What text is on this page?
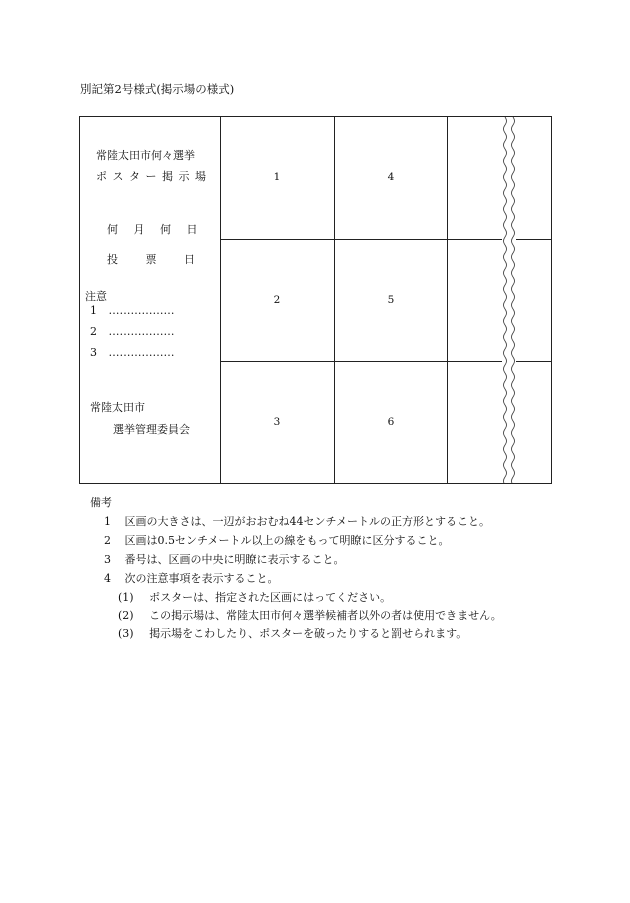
別記第2号様式(掲示場の様式)
1
2
3
4
5
6
常陸太田市何々選挙
ポ ス タ ー 掲 示 場
何 月 何 日
投 票 日
注意
1 ………………
2 ………………
3 ………………
常陸太田市
選挙管理委員会
備考
1 区画の大きさは、一辺がおおむね44センチメートルの正方形とすること。
2 区画は0.5センチメートル以上の線をもって明瞭に区分すること。
3 番号は、区画の中央に明瞭に表示すること。
4 次の注意事項を表示すること。
(1) ポスターは、指定された区画にはってください。
(2) この掲示場は、常陸太田市何々選挙候補者以外の者は使用できません。
(3) 掲示場をこわしたり、ポスターを破ったりすると罰せられます。
